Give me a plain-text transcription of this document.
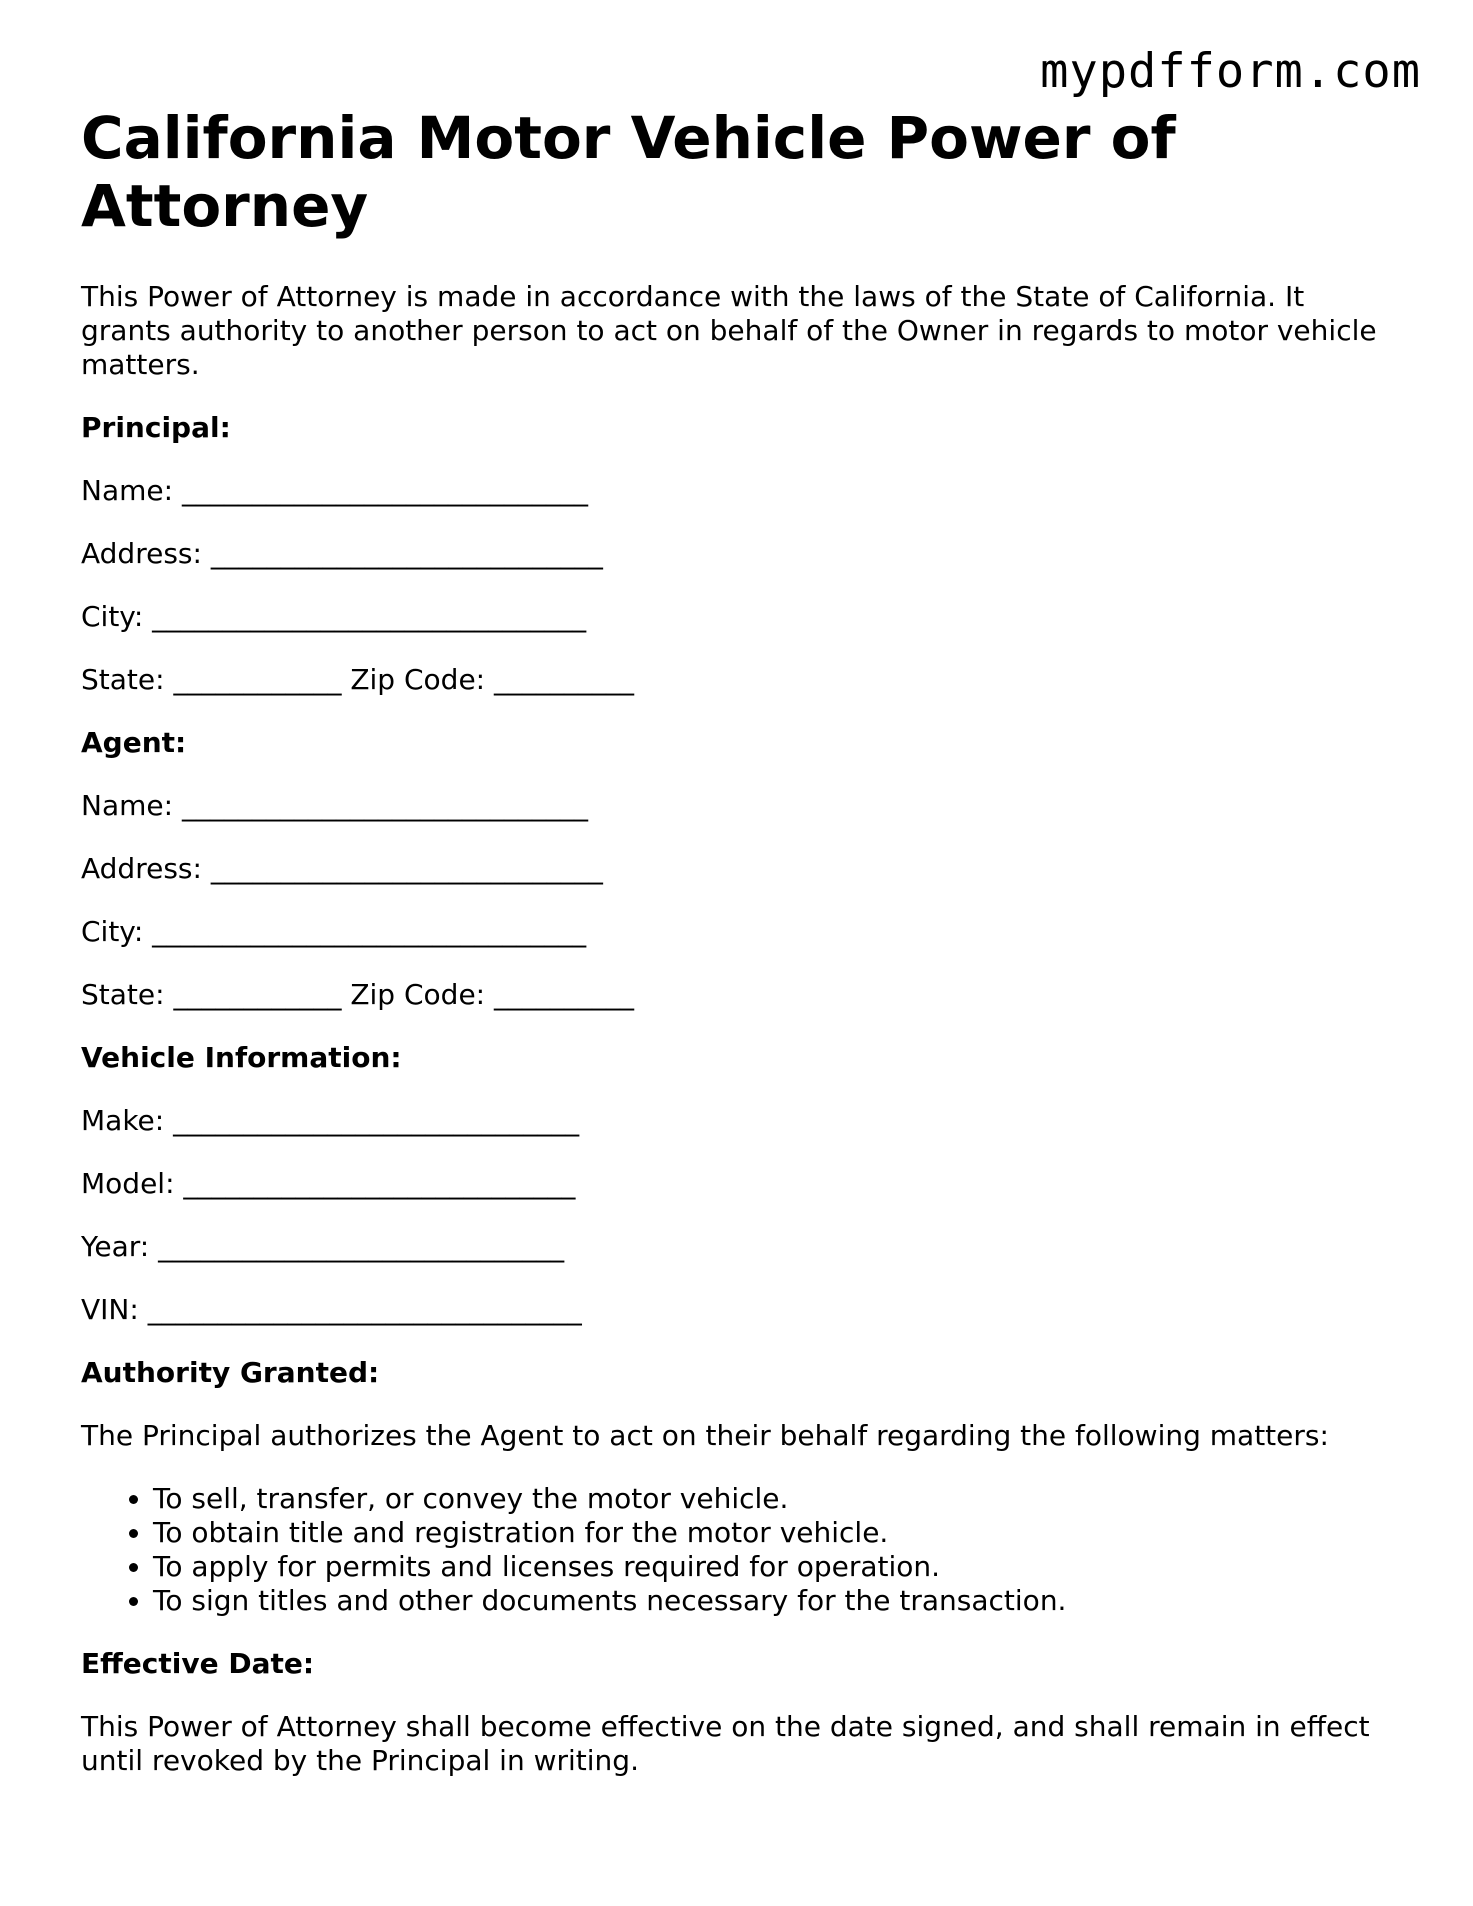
mypdfform.com
California Motor Vehicle Power of Attorney

This Power of Attorney is made in accordance with the laws of the State of California. It grants authority to another person to act on behalf of the Owner in regards to motor vehicle matters.

Principal:

Name: _____________________________

Address: ____________________________

City: _______________________________

State: ____________ Zip Code: __________

Agent:

Name: _____________________________

Address: ____________________________

City: _______________________________

State: ____________ Zip Code: __________

Vehicle Information:

Make: _____________________________

Model: ____________________________

Year: _____________________________

VIN: _______________________________

Authority Granted:

The Principal authorizes the Agent to act on their behalf regarding the following matters:

• To sell, transfer, or convey the motor vehicle.
• To obtain title and registration for the motor vehicle.
• To apply for permits and licenses required for operation.
• To sign titles and other documents necessary for the transaction.

Effective Date:

This Power of Attorney shall become effective on the date signed, and shall remain in effect until revoked by the Principal in writing.
